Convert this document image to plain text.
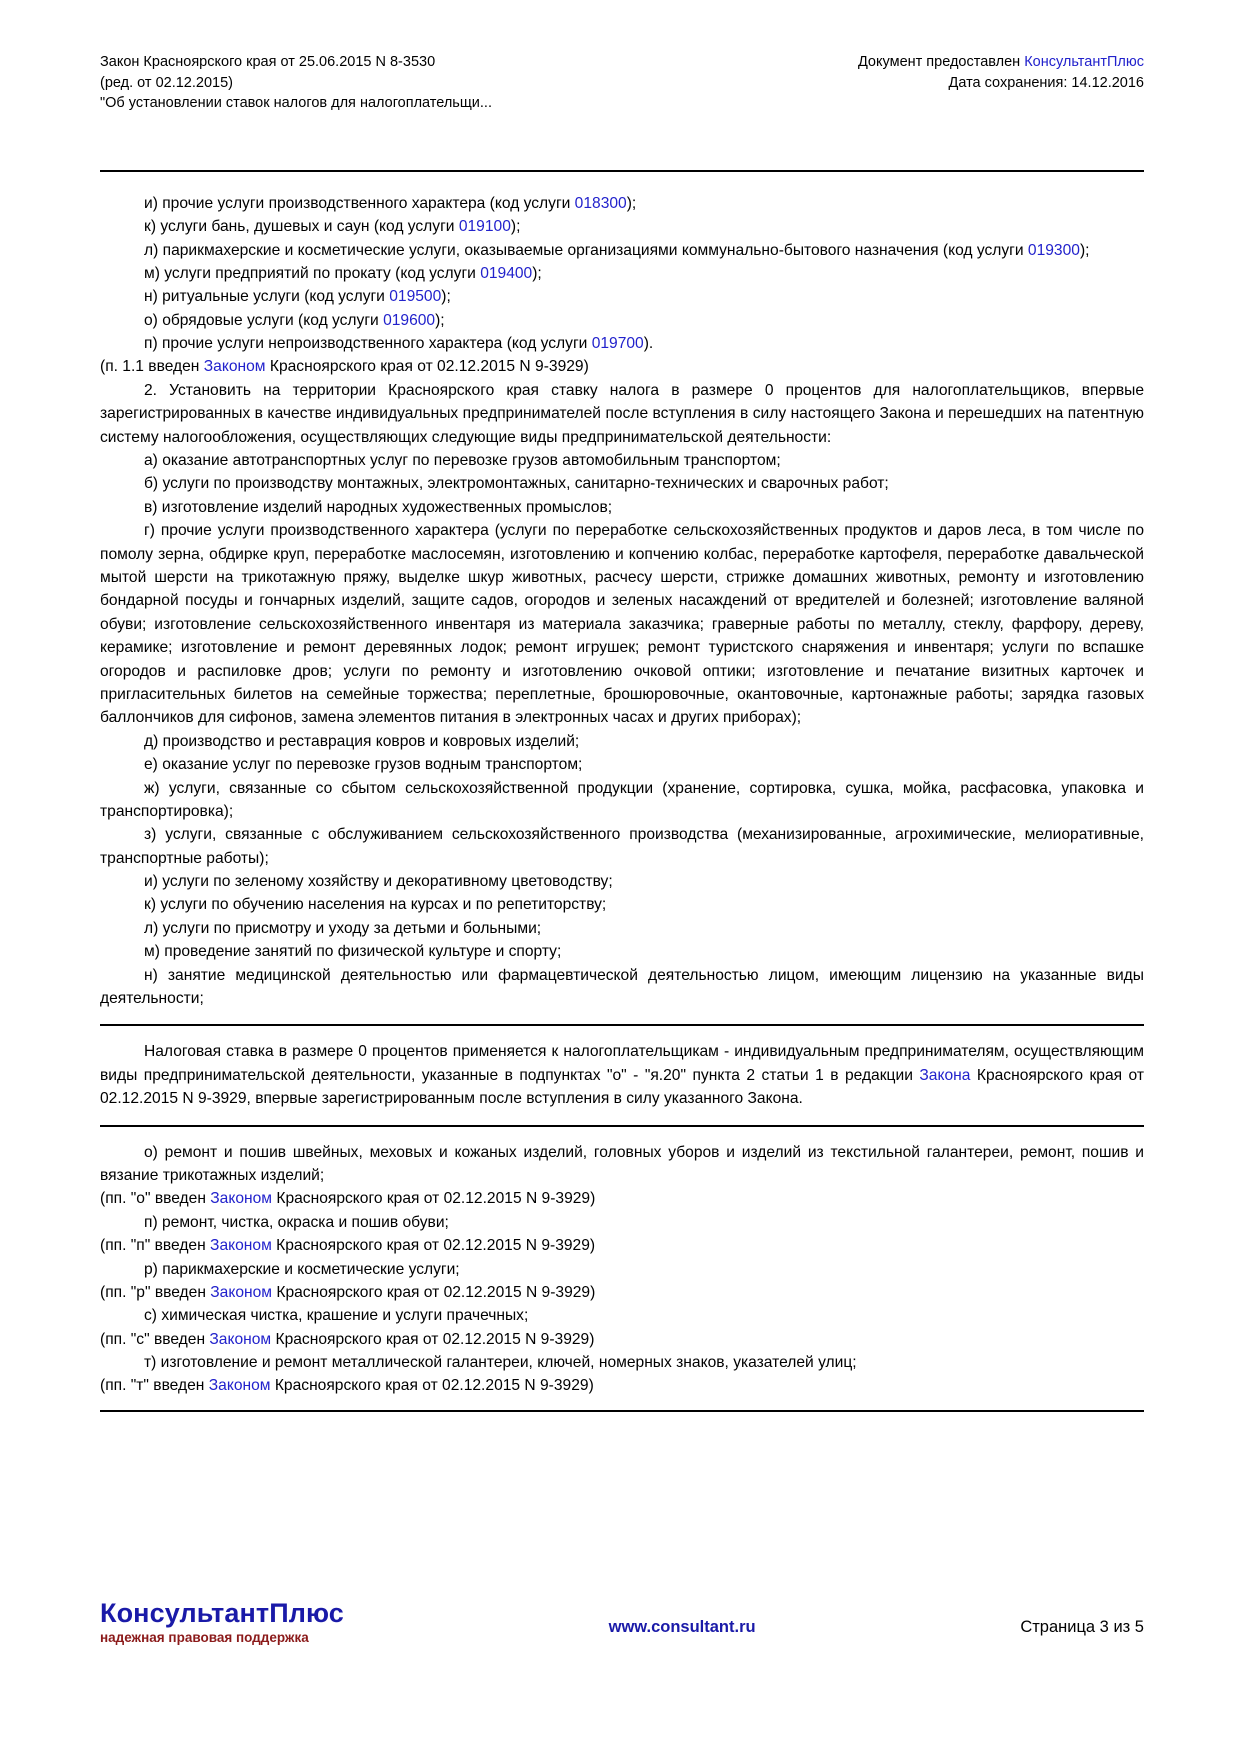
Закон Красноярского края от 25.06.2015 N 8-3530
(ред. от 02.12.2015)
"Об установлении ставок налогов для налогоплательщи...
Документ предоставлен КонсультантПлюс
Дата сохранения: 14.12.2016

и) прочие услуги производственного характера (код услуги 018300);

к) услуги бань, душевых и саун (код услуги 019100);

л) парикмахерские и косметические услуги, оказываемые организациями коммунально-бытового назначения (код услуги 019300);

м) услуги предприятий по прокату (код услуги 019400);

н) ритуальные услуги (код услуги 019500);

о) обрядовые услуги (код услуги 019600);

п) прочие услуги непроизводственного характера (код услуги 019700).

(п. 1.1 введен Законом Красноярского края от 02.12.2015 N 9-3929)

2. Установить на территории Красноярского края ставку налога в размере 0 процентов для налогоплательщиков, впервые зарегистрированных в качестве индивидуальных предпринимателей после вступления в силу настоящего Закона и перешедших на патентную систему налогообложения, осуществляющих следующие виды предпринимательской деятельности:

а) оказание автотранспортных услуг по перевозке грузов автомобильным транспортом;

б) услуги по производству монтажных, электромонтажных, санитарно-технических и сварочных работ;

в) изготовление изделий народных художественных промыслов;

г) прочие услуги производственного характера (услуги по переработке сельскохозяйственных продуктов и даров леса, в том числе по помолу зерна, обдирке круп, переработке маслосемян, изготовлению и копчению колбас, переработке картофеля, переработке давальческой мытой шерсти на трикотажную пряжу, выделке шкур животных, расчесу шерсти, стрижке домашних животных, ремонту и изготовлению бондарной посуды и гончарных изделий, защите садов, огородов и зеленых насаждений от вредителей и болезней; изготовление валяной обуви; изготовление сельскохозяйственного инвентаря из материала заказчика; граверные работы по металлу, стеклу, фарфору, дереву, керамике; изготовление и ремонт деревянных лодок; ремонт игрушек; ремонт туристского снаряжения и инвентаря; услуги по вспашке огородов и распиловке дров; услуги по ремонту и изготовлению очковой оптики; изготовление и печатание визитных карточек и пригласительных билетов на семейные торжества; переплетные, брошюровочные, окантовочные, картонажные работы; зарядка газовых баллончиков для сифонов, замена элементов питания в электронных часах и других приборах);

д) производство и реставрация ковров и ковровых изделий;

е) оказание услуг по перевозке грузов водным транспортом;

ж) услуги, связанные со сбытом сельскохозяйственной продукции (хранение, сортировка, сушка, мойка, расфасовка, упаковка и транспортировка);

з) услуги, связанные с обслуживанием сельскохозяйственного производства (механизированные, агрохимические, мелиоративные, транспортные работы);

и) услуги по зеленому хозяйству и декоративному цветоводству;

к) услуги по обучению населения на курсах и по репетиторству;

л) услуги по присмотру и уходу за детьми и больными;

м) проведение занятий по физической культуре и спорту;

н) занятие медицинской деятельностью или фармацевтической деятельностью лицом, имеющим лицензию на указанные виды деятельности;

Налоговая ставка в размере 0 процентов применяется к налогоплательщикам - индивидуальным предпринимателям, осуществляющим виды предпринимательской деятельности, указанные в подпунктах "о" - "я.20" пункта 2 статьи 1 в редакции Закона Красноярского края от 02.12.2015 N 9-3929, впервые зарегистрированным после вступления в силу указанного Закона.

о) ремонт и пошив швейных, меховых и кожаных изделий, головных уборов и изделий из текстильной галантереи, ремонт, пошив и вязание трикотажных изделий;

(пп. "о" введен Законом Красноярского края от 02.12.2015 N 9-3929)

п) ремонт, чистка, окраска и пошив обуви;

(пп. "п" введен Законом Красноярского края от 02.12.2015 N 9-3929)

р) парикмахерские и косметические услуги;

(пп. "р" введен Законом Красноярского края от 02.12.2015 N 9-3929)

с) химическая чистка, крашение и услуги прачечных;

(пп. "с" введен Законом Красноярского края от 02.12.2015 N 9-3929)

т) изготовление и ремонт металлической галантереи, ключей, номерных знаков, указателей улиц;

(пп. "т" введен Законом Красноярского края от 02.12.2015 N 9-3929)

КонсультантПлюс
надежная правовая поддержка
www.consultant.ru	Страница 3 из 5
